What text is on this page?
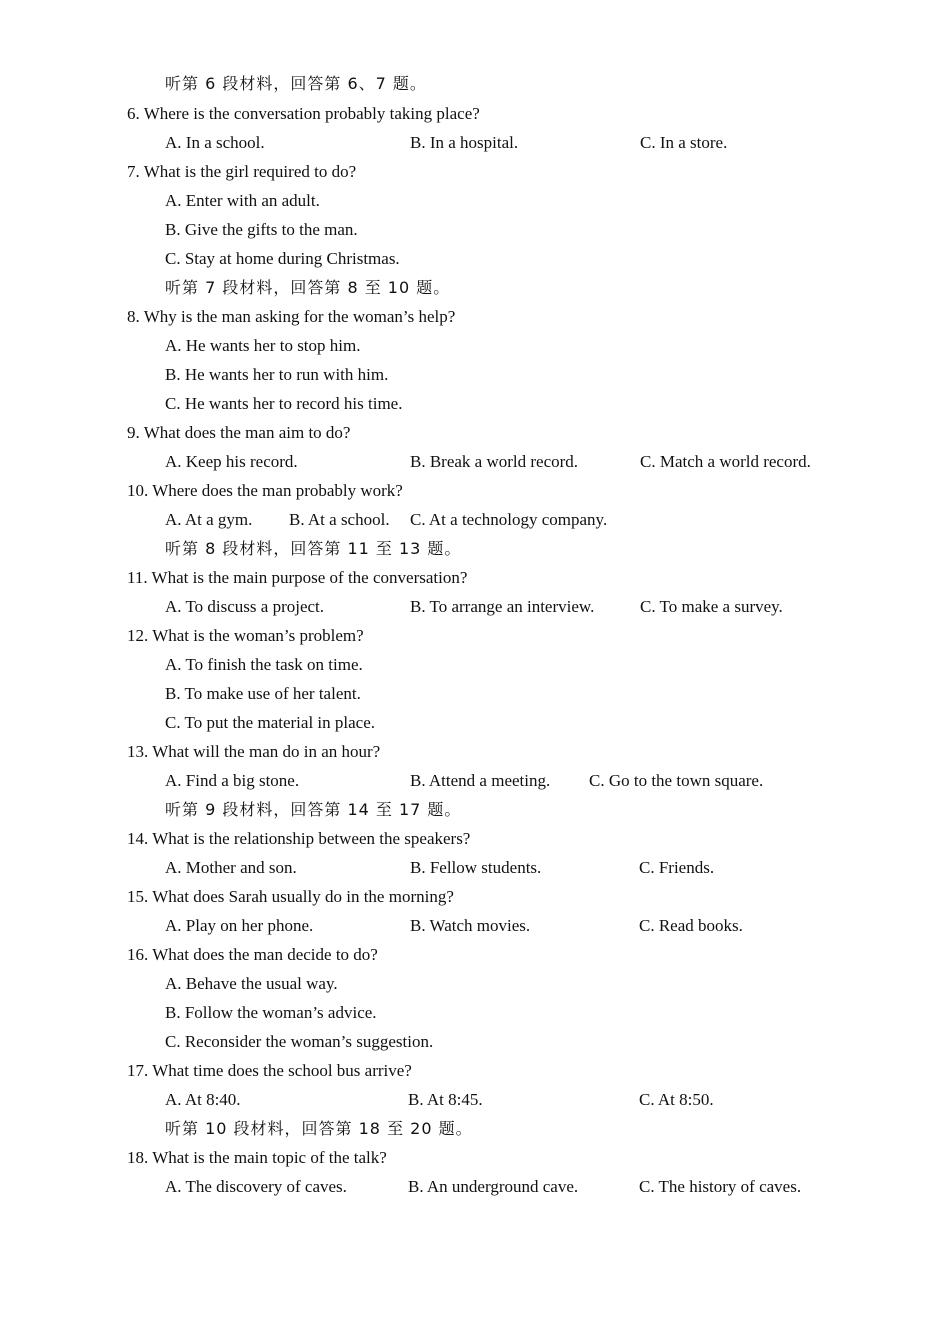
听第 6 段材料，回答第 6、7 题。
6. Where is the conversation probably taking place?
A. In a school.	B. In a hospital.	C. In a store.
7. What is the girl required to do?
A. Enter with an adult.
B. Give the gifts to the man.
C. Stay at home during Christmas.
听第 7 段材料，回答第 8 至 10 题。
8. Why is the man asking for the woman’s help?
A. He wants her to stop him.
B. He wants her to run with him.
C. He wants her to record his time.
9. What does the man aim to do?
A. Keep his record.	B. Break a world record.	C. Match a world record.
10. Where does the man probably work?
A. At a gym. B. At a school. C. At a technology company.
听第 8 段材料，回答第 11 至 13 题。
11. What is the main purpose of the conversation?
A. To discuss a project.	B. To arrange an interview.	C. To make a survey.
12. What is the woman’s problem?
A. To finish the task on time.
B. To make use of her talent.
C. To put the material in place.
13. What will the man do in an hour?
A. Find a big stone.	B. Attend a meeting. C. Go to the town square.
听第 9 段材料，回答第 14 至 17 题。
14. What is the relationship between the speakers?
A. Mother and son.	B. Fellow students.	C. Friends.
15. What does Sarah usually do in the morning?
A. Play on her phone.	B. Watch movies.	C. Read books.
16. What does the man decide to do?
A. Behave the usual way.
B. Follow the woman’s advice.
C. Reconsider the woman’s suggestion.
17. What time does the school bus arrive?
A. At 8:40.	B. At 8:45.	C. At 8:50.
听第 10 段材料，回答第 18 至 20 题。
18. What is the main topic of the talk?
A. The discovery of caves.	B. An underground cave.	C. The history of caves.
